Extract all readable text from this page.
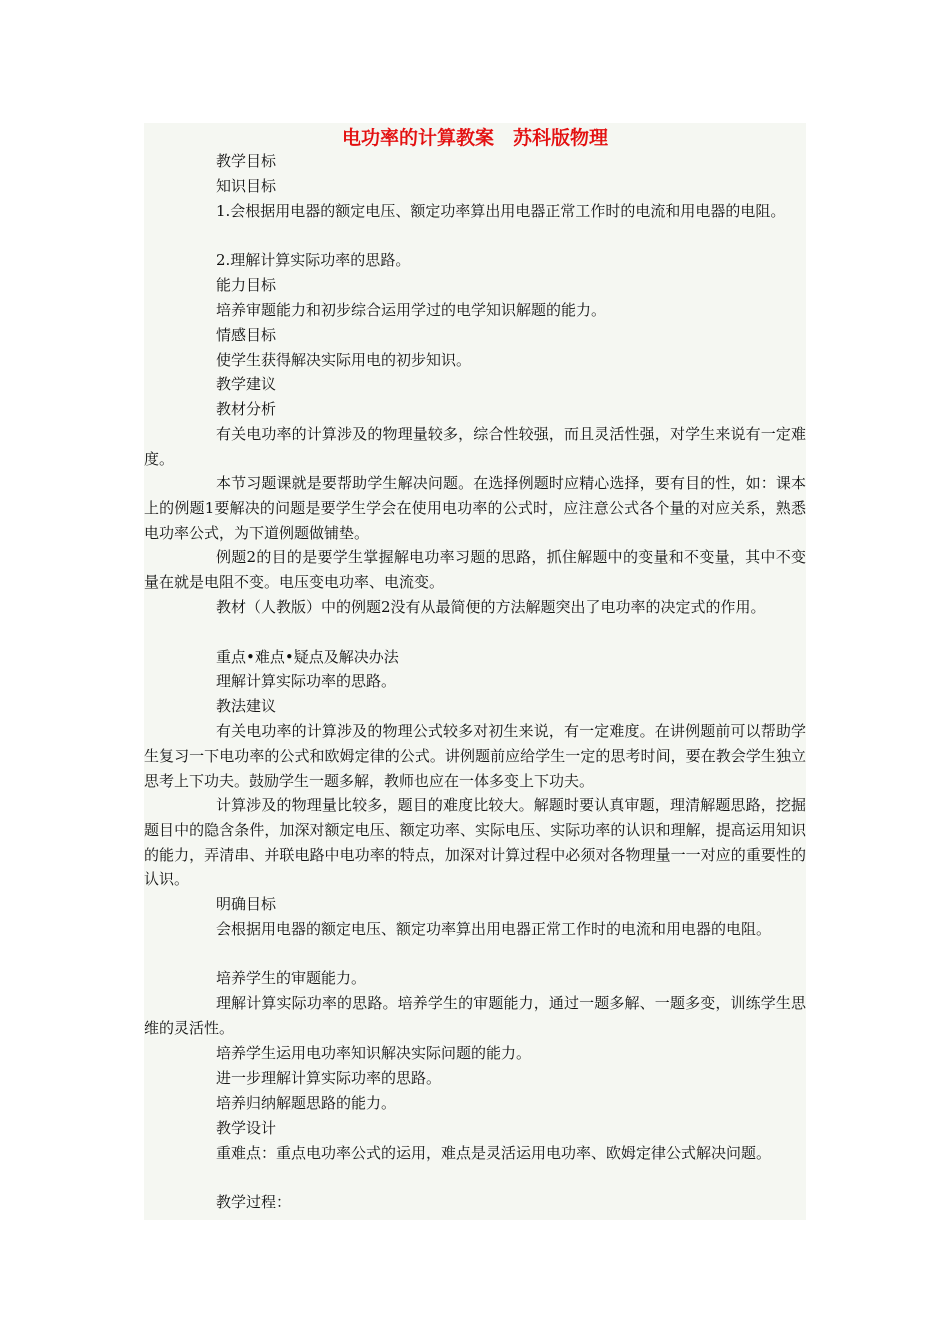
电功率的计算教案　苏科版物理

教学目标

知识目标

1.会根据用电器的额定电压、额定功率算出用电器正常工作时的电流和用电器的电阻。

2.理解计算实际功率的思路。

能力目标

培养审题能力和初步综合运用学过的电学知识解题的能力。

情感目标

使学生获得解决实际用电的初步知识。

教学建议

教材分析

有关电功率的计算涉及的物理量较多，综合性较强，而且灵活性强，对学生来说有一定难度。

本节习题课就是要帮助学生解决问题。在选择例题时应精心选择，要有目的性，如：课本上的例题1要解决的问题是要学生学会在使用电功率的公式时，应注意公式各个量的对应关系，熟悉电功率公式，为下道例题做铺垫。

例题2的目的是要学生掌握解电功率习题的思路，抓住解题中的变量和不变量，其中不变量在就是电阻不变。电压变电功率、电流变。

教材（人教版）中的例题2没有从最简便的方法解题突出了电功率的决定式的作用。

重点•难点•疑点及解决办法

理解计算实际功率的思路。

教法建议

有关电功率的计算涉及的物理公式较多对初生来说，有一定难度。在讲例题前可以帮助学生复习一下电功率的公式和欧姆定律的公式。讲例题前应给学生一定的思考时间，要在教会学生独立思考上下功夫。鼓励学生一题多解，教师也应在一体多变上下功夫。

计算涉及的物理量比较多，题目的难度比较大。解题时要认真审题，理清解题思路，挖掘题目中的隐含条件，加深对额定电压、额定功率、实际电压、实际功率的认识和理解，提高运用知识的能力，弄清串、并联电路中电功率的特点，加深对计算过程中必须对各物理量一一对应的重要性的认识。

明确目标

会根据用电器的额定电压、额定功率算出用电器正常工作时的电流和用电器的电阻。

培养学生的审题能力。

理解计算实际功率的思路。培养学生的审题能力，通过一题多解、一题多变，训练学生思维的灵活性。

培养学生运用电功率知识解决实际问题的能力。

进一步理解计算实际功率的思路。

培养归纳解题思路的能力。

教学设计

重难点：重点电功率公式的运用，难点是灵活运用电功率、欧姆定律公式解决问题。

教学过程：
